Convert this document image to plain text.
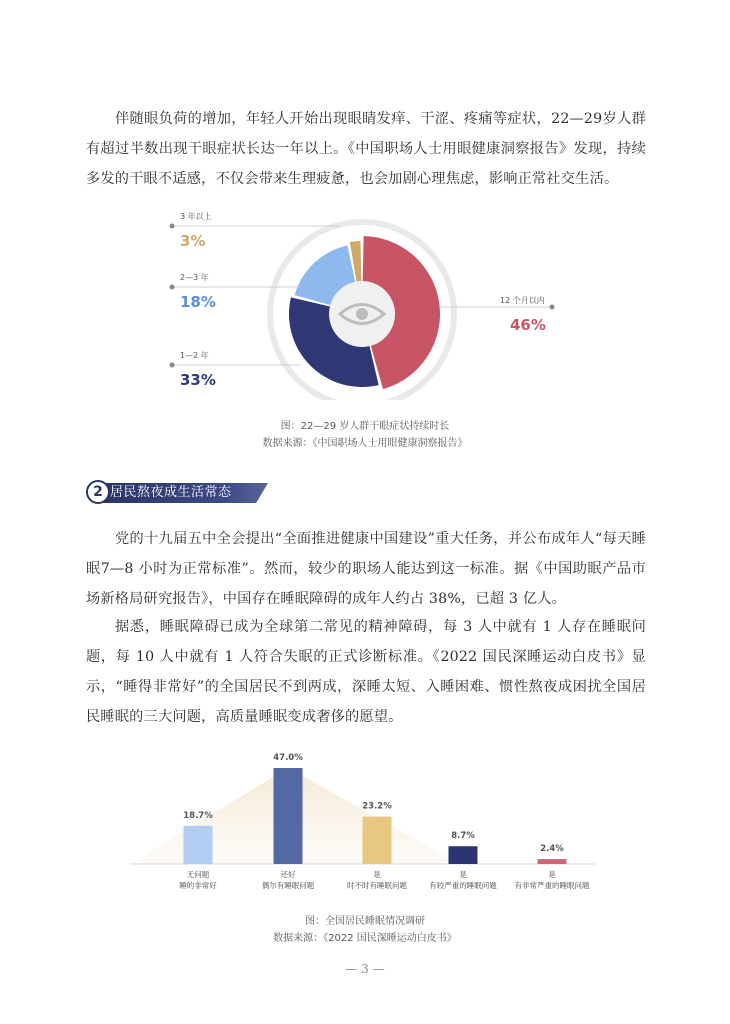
伴随眼负荷的增加，年轻人开始出现眼睛发痒、干涩、疼痛等症状，22—29岁人群有超过半数出现干眼症状长达一年以上。《中国职场人士用眼健康洞察报告》发现，持续多发的干眼不适感，不仅会带来生理疲惫，也会加剧心理焦虑，影响正常社交生活。

3 年以上
3%
2—3 年
18%
1—2 年
33%
12 个月以内
46%
图：22—29 岁人群干眼症状持续时长
数据来源：《中国职场人士用眼健康洞察报告》
2 居民熬夜成生活常态

党的十九届五中全会提出“全面推进健康中国建设”重大任务，并公布成年人“每天睡眠7—8 小时为正常标准”。然而，较少的职场人能达到这一标准。据《中国助眠产品市场新格局研究报告》，中国存在睡眠障碍的成年人约占 38%，已超 3 亿人。

据悉，睡眠障碍已成为全球第二常见的精神障碍，每 3 人中就有 1 人存在睡眠问题，每 10 人中就有 1 人符合失眠的正式诊断标准。《2022 国民深睡运动白皮书》显示，“睡得非常好”的全国居民不到两成，深睡太短、入睡困难、惯性熬夜成困扰全国居民睡眠的三大问题，高质量睡眠变成奢侈的愿望。

18.7%
无问题
睡的非常好
47.0%
还好
偶尔有睡眠问题
23.2%
是
时不时有睡眠问题
8.7%
是
有较严重的睡眠问题
2.4%
是
有非常严重的睡眠问题
图：全国居民睡眠情况调研
数据来源：《2022 国民深睡运动白皮书》
— 3 —
